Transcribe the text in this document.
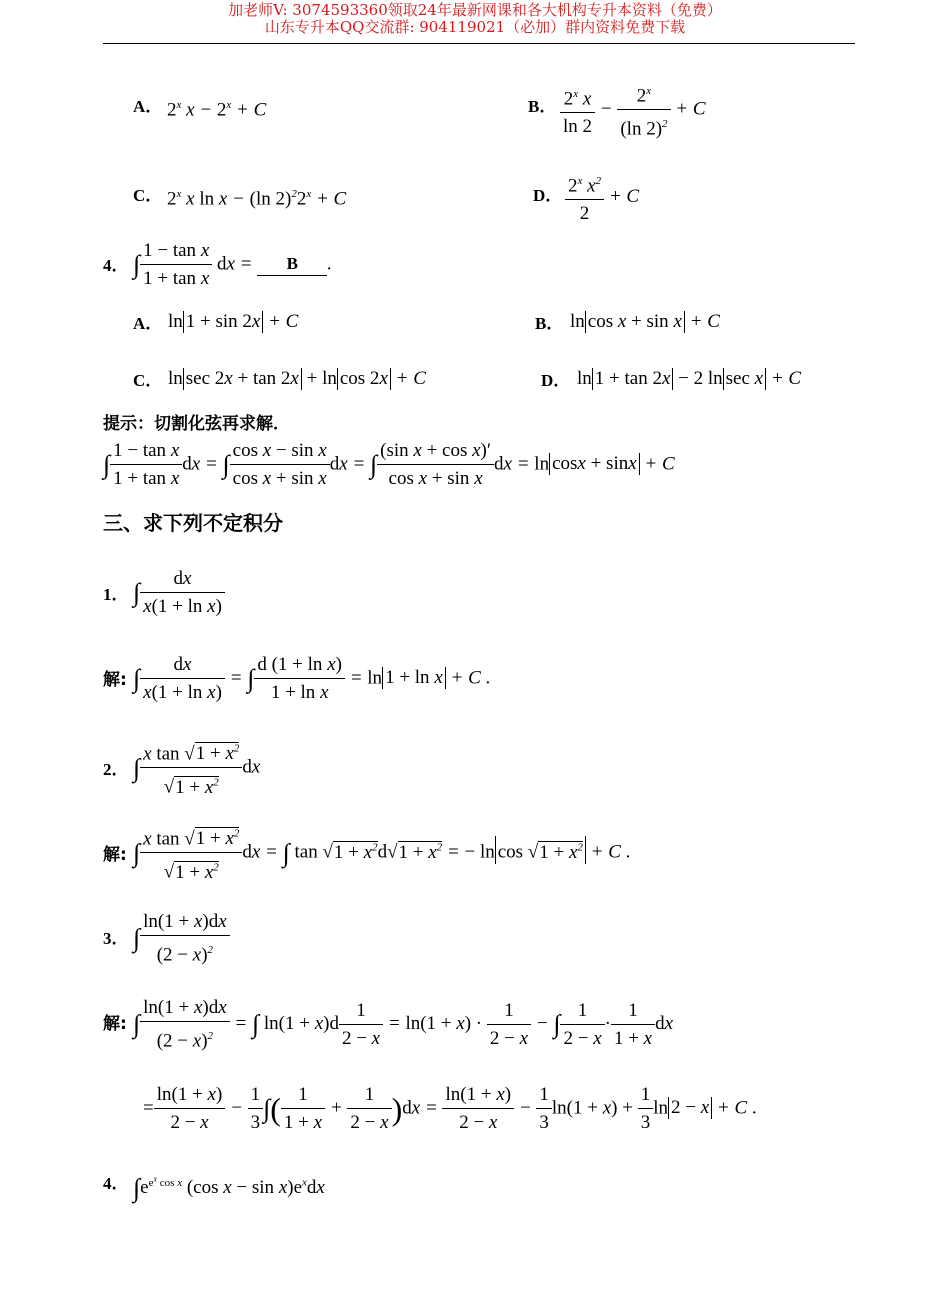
加老师V: 3074593360领取24年最新网课和各大机构专升本资料（免费）
山东专升本QQ交流群: 904119021（必加）群内资料免费下载
A． 2$^x$ $x - 2^x + C$	B． $\frac{2^x x}{\ln 2} - \frac{2^x}{(\ln 2)^2} + C$
C． 2$^x$ x ln x − (ln $2)^22^x + C$	D． $\frac{2^x x^2}{2} + C$
4． ∫ $\frac{\text{1 − tan x}}{\text{1 + tan x}}$ dx = B .
A． ln 1 + sin 2x + C	B． ln cos x + sin x + C
C． ln sec 2x + tan 2x + ln cos 2x + C	D． ln 1 + tan 2x − 2 ln sec x + C
提示：切割化弦再求解．
∫ $\frac{\text{1 − tan x}}{\text{1 + tan x}}$ dx = ∫ $\frac{\text{cos x − sin x}}{\text{cos x + sin x}}$ dx = ∫ $\frac{\text{(sin x + cos x)′}}{\text{cos x + sin x}}$ dx = ln cosx + sinx + C
三、求下列不定积分
1． ∫ $\frac{dx}{\text{x(1 + ln x)}}$
解: ∫ $\frac{dx}{\text{x(1 + ln x)}}$ = ∫ $\frac{\text{d (1 + ln x)}}{\text{1 + ln x}} = \ln 1 + \ln x + C$ .
2． ∫ $\frac{x \tan √1 + x^2}{√1 + x^2}$ dx
解: ∫ $\frac{x \tan √1 + x^2}{√1 + x^2}$ dx = ∫ $\tan √1 + x^2d√1 + x^2$ = − $\ln \cos √1 + x^2 + C$ .
3． ∫ $\frac{\ln(1 + x)dx}{(2 - x)^2}$
解: ∫ $\frac{\ln(1 + x)dx}{(2 - x)^2}$ = ∫ $\ln(1 + x)d \frac{1}{2 - x} = \ln(1 + x) \cdot \frac{1}{2 - x}$ − ∫ $\frac{1}{2 - x} \cdot \frac{1}{1 + x}$ dx
= $\frac{\ln(1 + x)}{2 - x} - \frac{1}{3}$ ∫( $\frac{1}{1 + x} + \frac{1}{2 - x} )dx = \frac{\ln(1 + x)}{2 - x} - \frac{1}{3} \ln(1 + x) + \frac{1}{3}$ ln 2 − x + C .
4． $\int e^{e^x cos x}$ (cos $x - \sin x)e^xdx$
